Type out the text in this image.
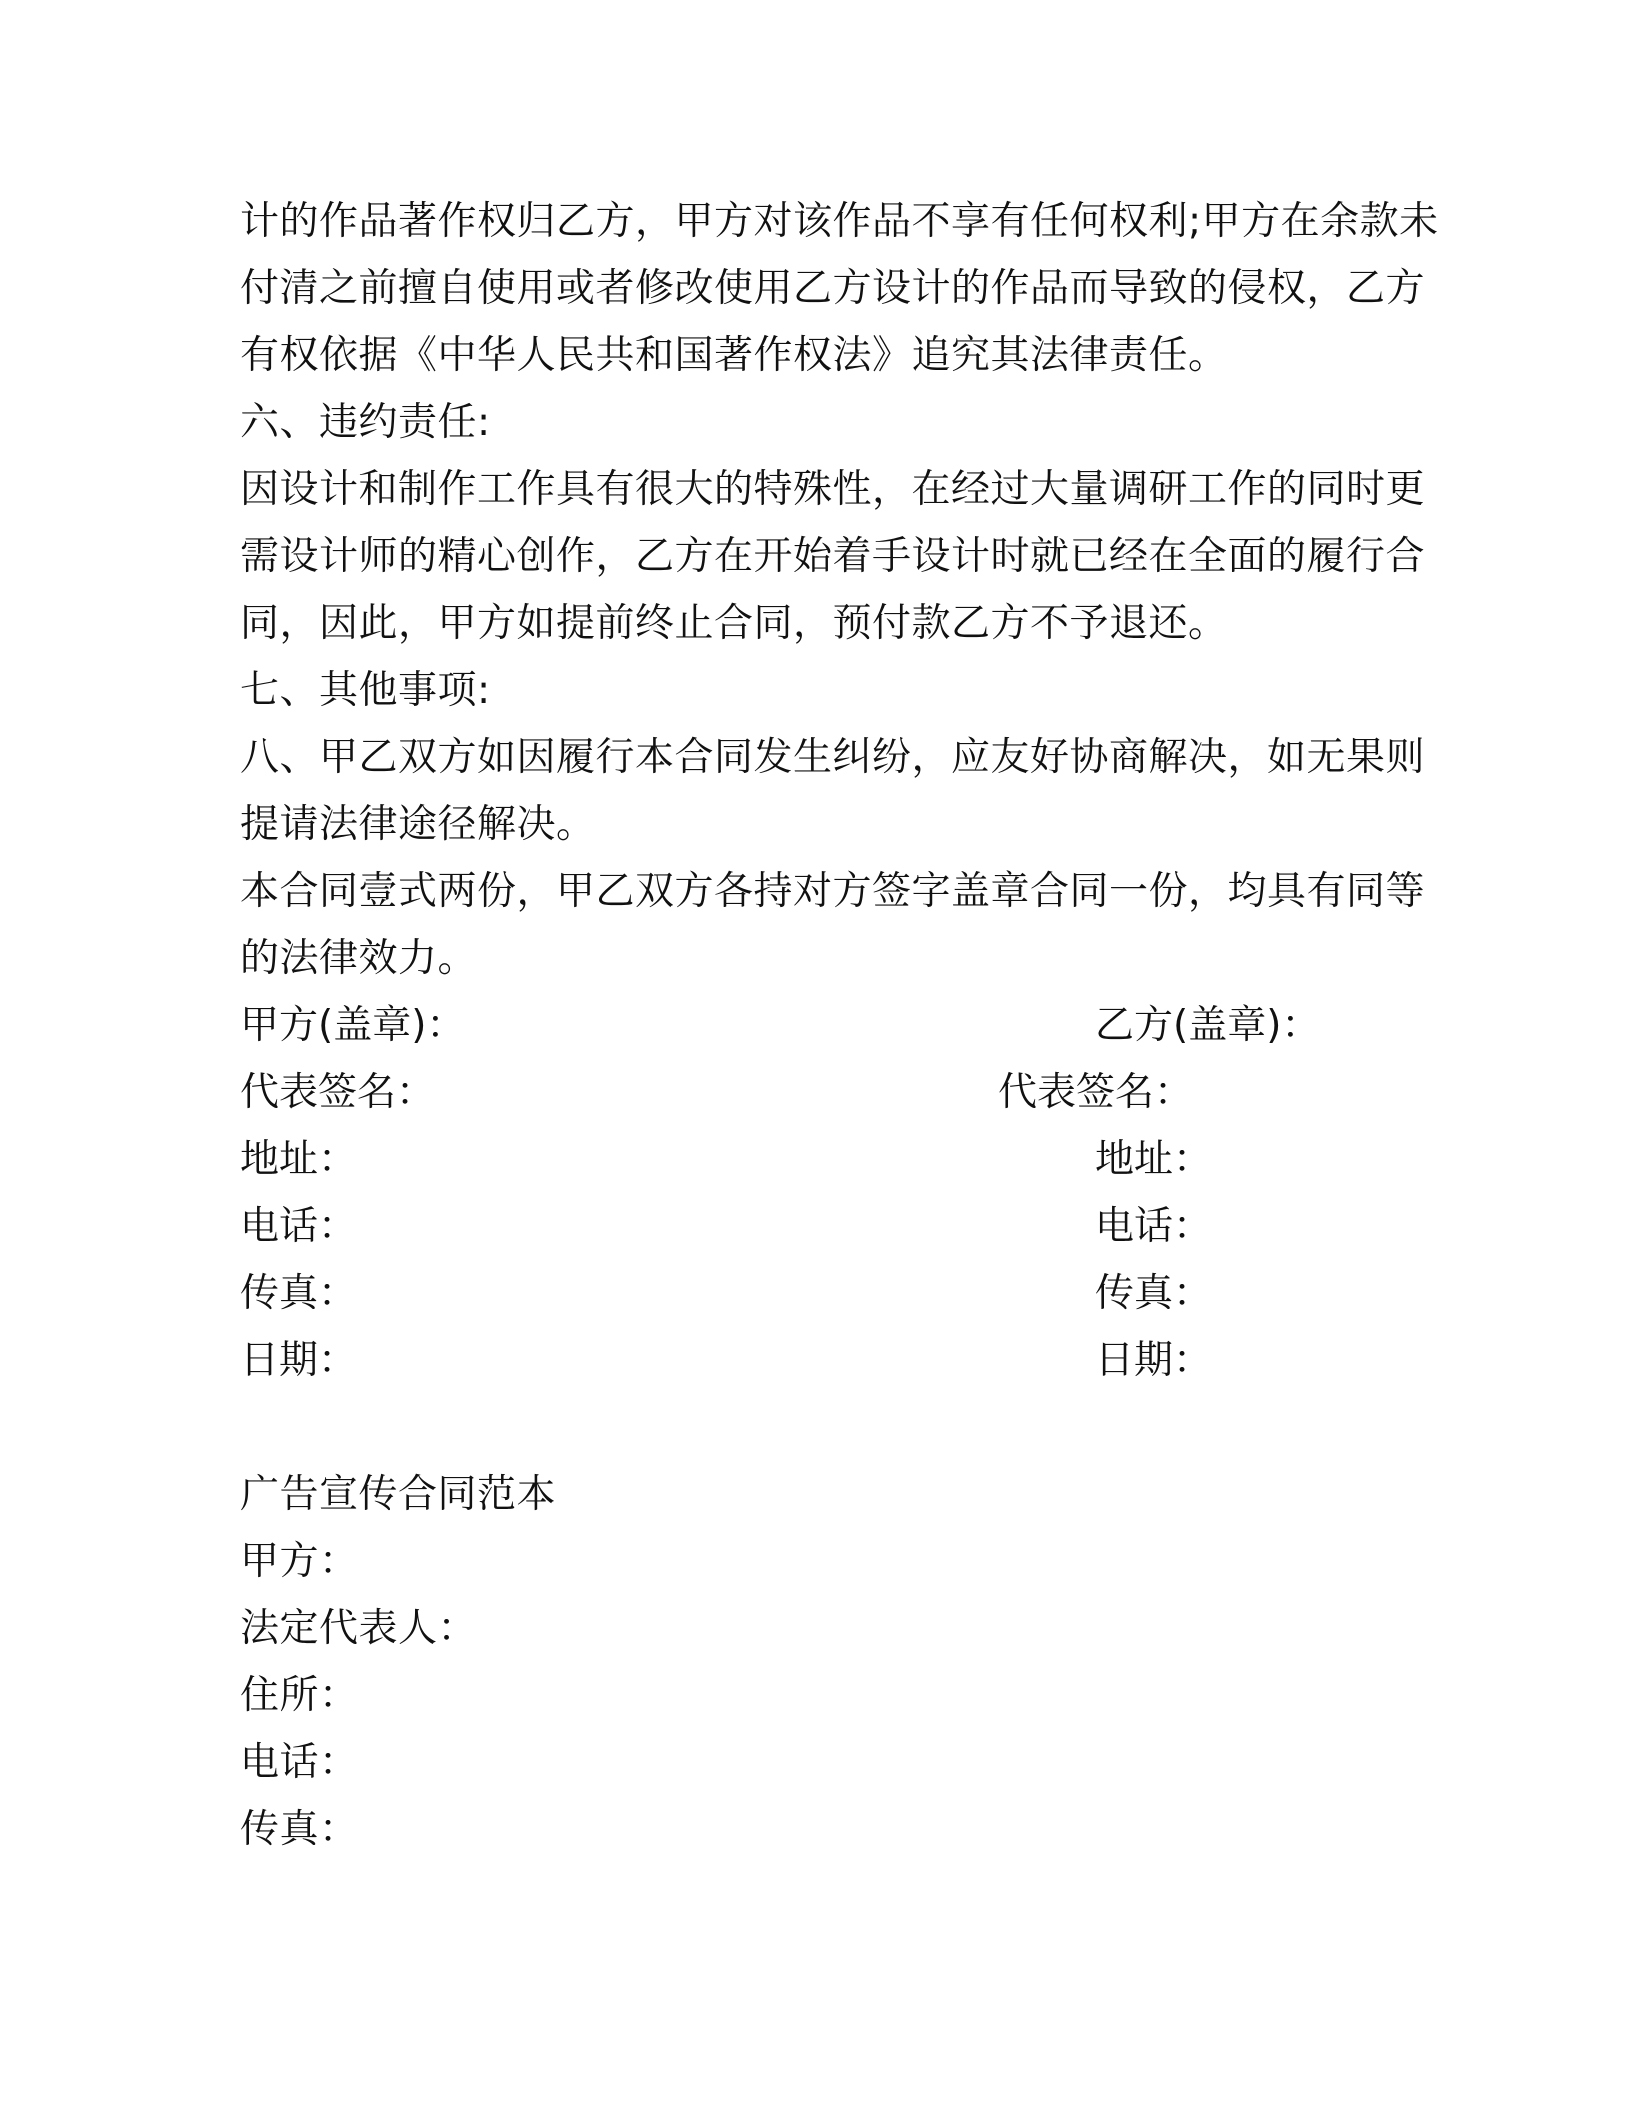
计的作品著作权归乙方，甲方对该作品不享有任何权利;甲方在余款未
付清之前擅自使用或者修改使用乙方设计的作品而导致的侵权，乙方
有权依据《中华人民共和国著作权法》追究其法律责任。
六、违约责任:
因设计和制作工作具有很大的特殊性，在经过大量调研工作的同时更
需设计师的精心创作，乙方在开始着手设计时就已经在全面的履行合
同，因此，甲方如提前终止合同，预付款乙方不予退还。
七、其他事项:
八、甲乙双方如因履行本合同发生纠纷，应友好协商解决，如无果则
提请法律途径解决。
本合同壹式两份，甲乙双方各持对方签字盖章合同一份，均具有同等
的法律效力。
甲方(盖章)：	乙方(盖章)：
代表签名：	代表签名：
地址：	地址：
电话：	电话：
传真：	传真：
日期：	日期：
广告宣传合同范本
甲方：
法定代表人：
住所：
电话：
传真：
